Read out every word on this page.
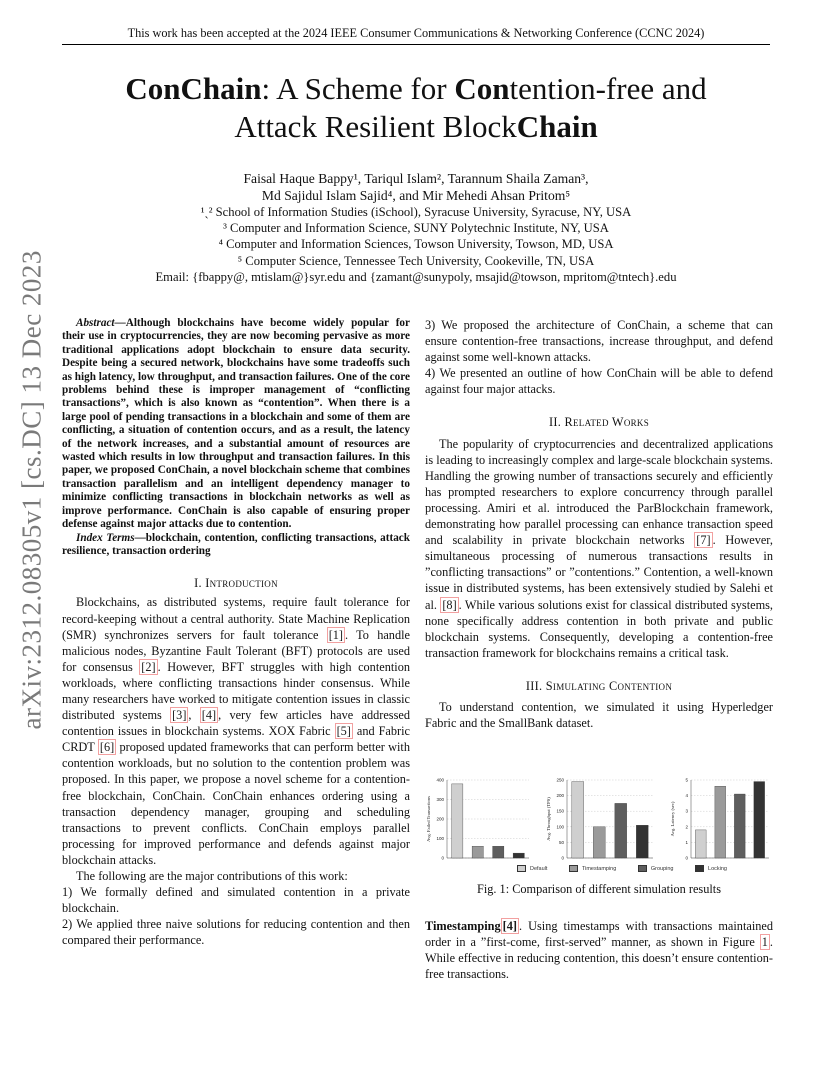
This work has been accepted at the 2024 IEEE Consumer Communications & Networking Conference (CCNC 2024)
ConChain: A Scheme for Contention-free and
Attack Resilient BlockChain
Faisal Haque Bappy¹, Tariqul Islam², Tarannum Shaila Zaman³,
Md Sajidul Islam Sajid⁴, and Mir Mehedi Ahsan Pritom⁵
¹ˏ² School of Information Studies (iSchool), Syracuse University, Syracuse, NY, USA
³ Computer and Information Science, SUNY Polytechnic Institute, NY, USA
⁴ Computer and Information Sciences, Towson University, Towson, MD, USA
⁵ Computer Science, Tennessee Tech University, Cookeville, TN, USA
Email: {fbappy@, mtislam@}syr.edu and {zamant@sunypoly, msajid@towson, mpritom@tntech}.edu
arXiv:2312.08305v1 [cs.DC] 13 Dec 2023	Abstract—Although blockchains have become widely popular for their use in cryptocurrencies, they are now becoming pervasive as more traditional applications adopt blockchain to ensure data security. Despite being a secured network, blockchains have some tradeoffs such as high latency, low throughput, and transaction failures. One of the core problems behind these is improper management of “conflicting transactions”, which is also known as “contention”. When there is a large pool of pending transactions in a blockchain and some of them are conflicting, a situation of contention occurs, and as a result, the latency of the network increases, and a substantial amount of resources are wasted which results in low throughput and transaction failures. In this paper, we proposed ConChain, a novel blockchain scheme that combines transaction parallelism and an intelligent dependency manager to minimize conflicting transactions in blockchain networks as well as improve performance. ConChain is also capable of ensuring proper defense against major attacks due to contention.

Index Terms—blockchain, contention, conflicting transactions, attack resilience, transaction ordering

I. Introduction

Blockchains, as distributed systems, require fault tolerance for record-keeping without a central authority. State Machine Replication (SMR) synchronizes servers for fault tolerance [1] . To handle malicious nodes, Byzantine Fault Tolerant (BFT) protocols are used for consensus [2] . However, BFT struggles with high contention workloads, where conflicting transactions hinder consensus. While many researchers have worked to mitigate contention issues in classic distributed systems [3] , [4] , very few articles have addressed contention issues in blockchain systems. XOX Fabric [5] and Fabric CRDT [6] proposed updated frameworks that can perform better with contention workloads, but no solution to the contention problem was proposed. In this paper, we propose a novel scheme for a contention-free blockchain, ConChain. ConChain enhances ordering using a transaction dependency manager, grouping and scheduling transactions to prevent conflicts. ConChain employs parallel processing for improved performance and defends against major blockchain attacks.

The following are the major contributions of this work:

1) We formally defined and simulated contention in a private blockchain.

2) We applied three naive solutions for reducing contention and then compared their performance.

3) We proposed the architecture of ConChain, a scheme that can ensure contention-free transactions, increase throughput, and defend against some well-known attacks.

4) We presented an outline of how ConChain will be able to defend against four major attacks.

II. Related Works

The popularity of cryptocurrencies and decentralized applications is leading to increasingly complex and large-scale blockchain systems. Handling the growing number of transactions securely and efficiently has prompted researchers to explore concurrency through parallel processing. Amiri et al. introduced the ParBlockchain framework, demonstrating how parallel processing can enhance transaction speed and scalability in private blockchain networks [7] . However, simultaneous processing of numerous transactions results in ”conflicting transactions” or ”contentions.” Contention, a well-known issue in distributed systems, has been extensively studied by Salehi et al. [8] . While various solutions exist for classical distributed systems, none specifically address contention in both private and public blockchain systems. Consequently, developing a contention-free transaction framework for blockchains remains a critical task.

III. Simulating Contention

To understand contention, we simulated it using Hyperledger Fabric and the SmallBank dataset.

Avg. Failed Transactions
0
100
200
300
400
Avg. Throughput (TPS)
0
50
100
150
200
250
Avg. Latency (sec)
0
1
2
3
4
5
Default	Timestamping	Grouping	Locking
Fig. 1: Comparison of different simulation results

Timestamping [4] . Using timestamps with transactions maintained order in a ”first-come, first-served” manner, as shown in Figure 1 . While effective in reducing contention, this doesn’t ensure contention-free transactions.
